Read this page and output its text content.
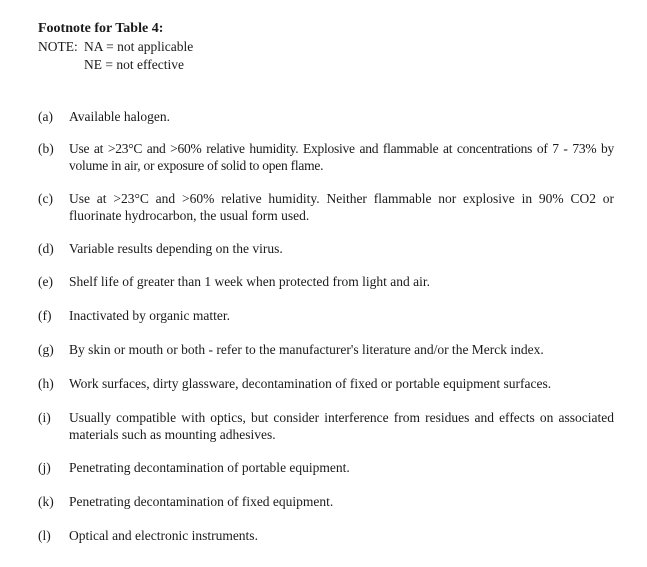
Footnote for Table 4:
NOTE: NA = not applicable
NE = not effective
(a)	Available halogen.
(b)	Use at >23°C and >60% relative humidity. Explosive and flammable at concentrations of 7 - 73% by volume in air, or exposure of solid to open flame.
(c)	Use at >23°C and >60% relative humidity. Neither flammable nor explosive in 90% CO2 or fluorinate hydrocarbon, the usual form used.
(d)	Variable results depending on the virus.
(e)	Shelf life of greater than 1 week when protected from light and air.
(f)	Inactivated by organic matter.
(g)	By skin or mouth or both - refer to the manufacturer's literature and/or the Merck index.
(h)	Work surfaces, dirty glassware, decontamination of fixed or portable equipment surfaces.
(i)	Usually compatible with optics, but consider interference from residues and effects on associated materials such as mounting adhesives.
(j)	Penetrating decontamination of portable equipment.
(k)	Penetrating decontamination of fixed equipment.
(l)	Optical and electronic instruments.
